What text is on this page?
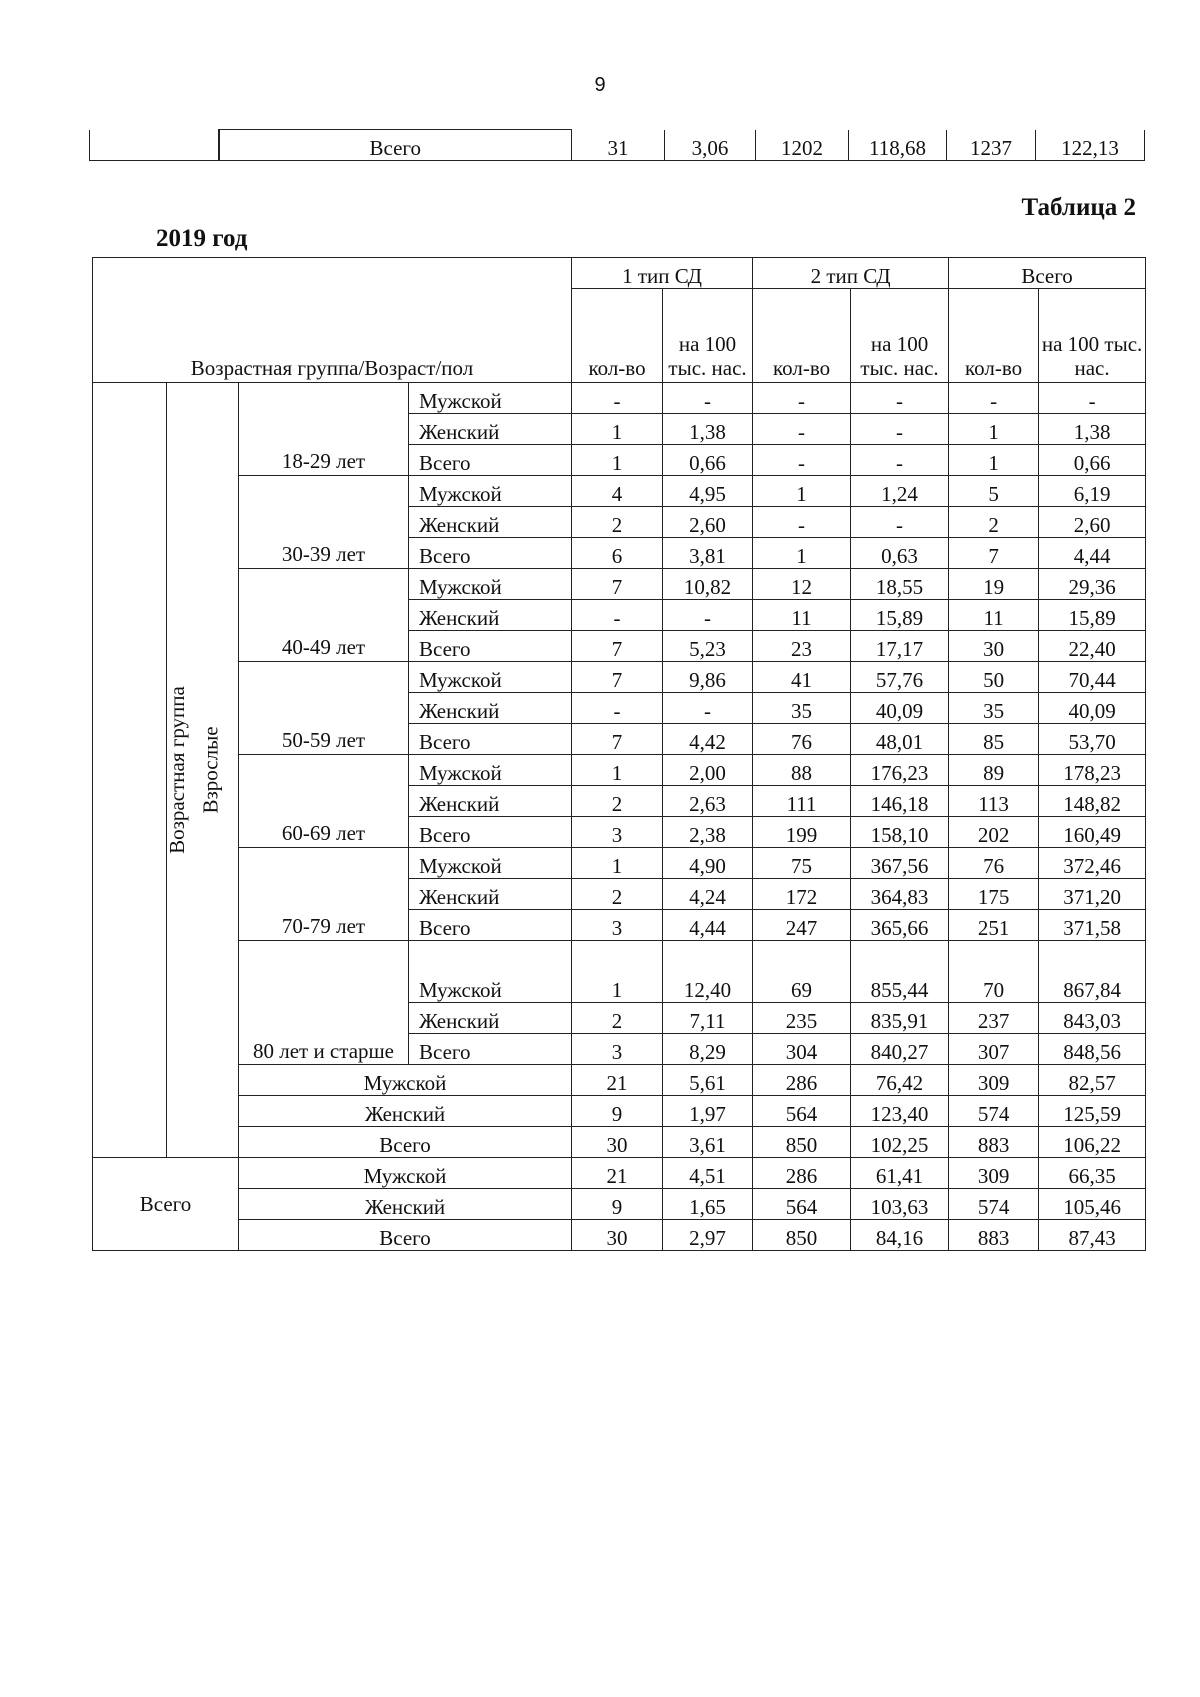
9
	Всего	31	3,06	1202	118,68	1237	122,13
Таблица 2
2019 год
Возрастная группа/Возраст/пол				1 тип СД		2 тип СД		Всего	
				кол-во	на 100 тыс. нас.	кол-во	на 100 тыс. нас.	кол-во	на 100 тыс. нас.
Возрастная группа	Взрослые	18-29 лет	Мужской	-	-	-	-	-	-
			Женский	1	1,38	-	-	1	1,38
			Всего	1	0,66	-	-	1	0,66
		30-39 лет	Мужской	4	4,95	1	1,24	5	6,19
			Женский	2	2,60	-	-	2	2,60
			Всего	6	3,81	1	0,63	7	4,44
		40-49 лет	Мужской	7	10,82	12	18,55	19	29,36
			Женский	-	-	11	15,89	11	15,89
			Всего	7	5,23	23	17,17	30	22,40
		50-59 лет	Мужской	7	9,86	41	57,76	50	70,44
			Женский	-	-	35	40,09	35	40,09
			Всего	7	4,42	76	48,01	85	53,70
		60-69 лет	Мужской	1	2,00	88	176,23	89	178,23
			Женский	2	2,63	111	146,18	113	148,82
			Всего	3	2,38	199	158,10	202	160,49
		70-79 лет	Мужской	1	4,90	75	367,56	76	372,46
			Женский	2	4,24	172	364,83	175	371,20
			Всего	3	4,44	247	365,66	251	371,58
		80 лет и старше							
			Мужской	1	12,40	69	855,44	70	867,84
			Женский	2	7,11	235	835,91	237	843,03
			Всего	3	8,29	304	840,27	307	848,56
		Мужской		21	5,61	286	76,42	309	82,57
		Женский		9	1,97	564	123,40	574	125,59
		Всего		30	3,61	850	102,25	883	106,22
Всего		Мужской		21	4,51	286	61,41	309	66,35
		Женский		9	1,65	564	103,63	574	105,46
		Всего		30	2,97	850	84,16	883	87,43
